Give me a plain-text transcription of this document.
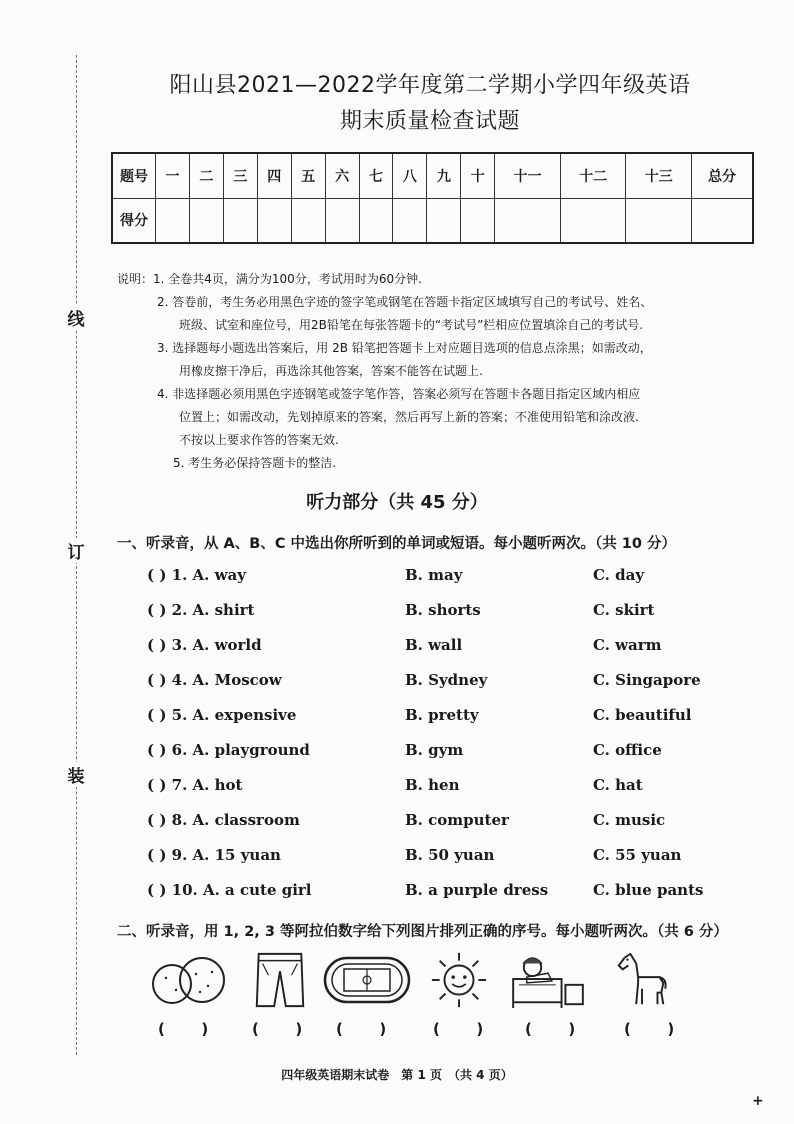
线
订
装
阳山县2021—2022学年度第二学期小学四年级英语
期末质量检查试题
题号	一	二	三	四	五	六	七	八	九	十	十一	十二	十三	总分
得分														
说明：1. 全卷共4页，满分为100分，考试用时为60分钟.
2. 答卷前，考生务必用黑色字迹的签字笔或钢笔在答题卡指定区域填写自己的考试号、姓名、
班级、试室和座位号，用2B铅笔在每张答题卡的“考试号”栏相应位置填涂自己的考试号.
3. 选择题每小题选出答案后，用 2B 铅笔把答题卡上对应题目选项的信息点涂黑；如需改动，
用橡皮擦干净后，再选涂其他答案，答案不能答在试题上.
4. 非选择题必须用黑色字迹钢笔或签字笔作答，答案必须写在答题卡各题目指定区域内相应
位置上；如需改动，先划掉原来的答案，然后再写上新的答案；不准使用铅笔和涂改液.
不按以上要求作答的答案无效.
5. 考生务必保持答题卡的整洁.
听力部分（共 45 分）
一、听录音，从 A、B、C 中选出你所听到的单词或短语。每小题听两次。（共 10 分）
( ) 1. A. way	B. may	C. day
( ) 2. A. shirt	B. shorts	C. skirt
( ) 3. A. world	B. wall	C. warm
( ) 4. A. Moscow	B. Sydney	C. Singapore
( ) 5. A. expensive	B. pretty	C. beautiful
( ) 6. A. playground	B. gym	C. office
( ) 7. A. hot	B. hen	C. hat
( ) 8. A. classroom	B. computer	C. music
( ) 9. A. 15 yuan	B. 50 yuan	C. 55 yuan
( ) 10. A. a cute girl	B. a purple dress	C. blue pants
二、听录音，用 1, 2, 3 等阿拉伯数字给下列图片排列正确的序号。每小题听两次。（共 6 分）
(       )	(       ) (       )	(       )	(       )	(       )
四年级英语期末试卷　第 1 页　（共 4 页）
+
